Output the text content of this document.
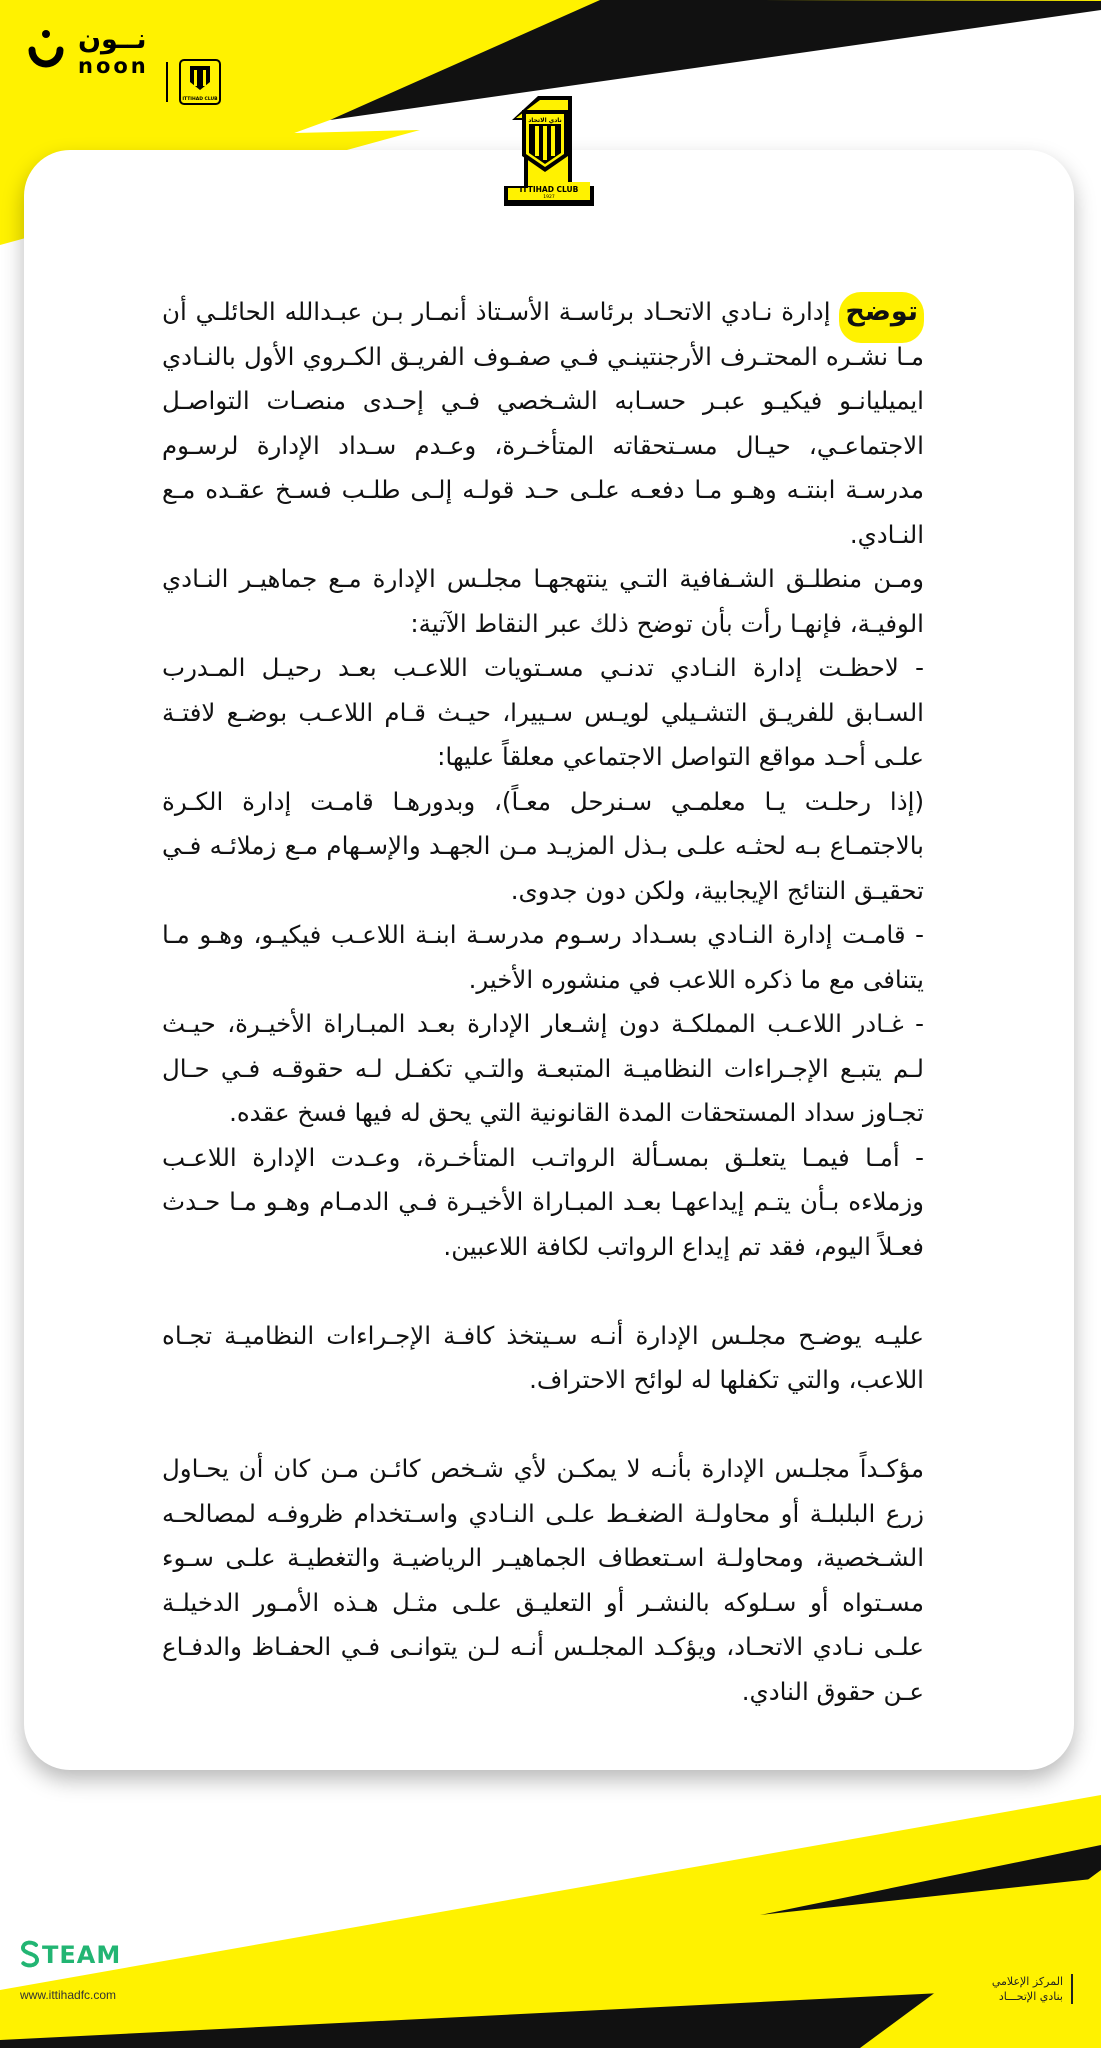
نــون
noon
ITTIHAD CLUB
نادي الاتحاد
ITTIHAD CLUB
1927

توضح إدارة نـادي الاتحـاد برئاسـة الأسـتاذ أنمـار بـن عبـدالله الحائلـي أن مـا نشـره المحتـرف الأرجنتينـي فـي صفـوف الفريـق الكـروي الأول بالنـادي ايميليانـو فيكيـو عبـر حسـابه الشـخصي فـي إحـدى منصـات التواصـل الاجتماعـي، حيـال مسـتحقاته المتأخـرة، وعـدم سـداد الإدارة لرسـوم مدرسـة ابنتـه وهـو مـا دفعـه علـى حـد قولـه إلـى طلـب فسـخ عقـده مـع النـادي.

ومـن منطلـق الشـفافية التـي ينتهجهـا مجلـس الإدارة مـع جماهيـر النـادي الوفيـة، فإنهـا رأت بأن توضح ذلك عبر النقاط الآتية:

- لاحظـت إدارة النـادي تدنـي مسـتويات اللاعـب بعـد رحيـل المـدرب السـابق للفريـق التشـيلي لويـس سـييرا، حيـث قـام اللاعـب بوضـع لافتـة علـى أحـد مواقع التواصل الاجتماعي معلقاً عليها:

(إذا رحلـت يـا معلمـي سـنرحل معـاً)، وبدورهـا قامـت إدارة الكـرة بالاجتمـاع بـه لحثـه علـى بـذل المزيـد مـن الجهـد والإسـهام مـع زملائـه فـي تحقيـق النتائج الإيجابية، ولكن دون جدوى.

- قامـت إدارة النـادي بسـداد رسـوم مدرسـة ابنـة اللاعـب فيكيـو، وهـو مـا يتنافى مع ما ذكره اللاعب في منشوره الأخير.

- غـادر اللاعـب المملكـة دون إشـعار الإدارة بعـد المبـاراة الأخيـرة، حيـث لـم يتبـع الإجـراءات النظاميـة المتبعـة والتـي تكفـل لـه حقوقـه فـي حـال تجـاوز سداد المستحقات المدة القانونية التي يحق له فيها فسخ عقده.

- أمـا فيمـا يتعلـق بمسـألة الرواتـب المتأخـرة، وعـدت الإدارة اللاعـب وزملاءه بـأن يتـم إيداعهـا بعـد المبـاراة الأخيـرة فـي الدمـام وهـو مـا حـدث فعـلاً اليوم، فقد تم إيداع الرواتب لكافة اللاعبين.

عليـه يوضـح مجلـس الإدارة أنـه سـيتخذ كافـة الإجـراءات النظاميـة تجـاه اللاعب، والتي تكفلها له لوائح الاحتراف.

مؤكـداً مجلـس الإدارة بأنـه لا يمكـن لأي شـخص كائـن مـن كان أن يحـاول زرع البلبلـة أو محاولـة الضغـط علـى النـادي واسـتخدام ظروفـه لمصالحـه الشـخصية، ومحاولـة اسـتعطاف الجماهيـر الرياضيـة والتغطيـة علـى سـوء مسـتواه أو سـلوكه بالنشـر أو التعليـق علـى مثـل هـذه الأمـور الدخيلـة علـى نـادي الاتحـاد، ويؤكـد المجلـس أنـه لـن يتوانـى فـي الحفـاظ والدفـاع عـن حقوق النادي.

TEAM
www.ittihadfc.com
المركز الإعلامي
بنادي الإتحـــاد
